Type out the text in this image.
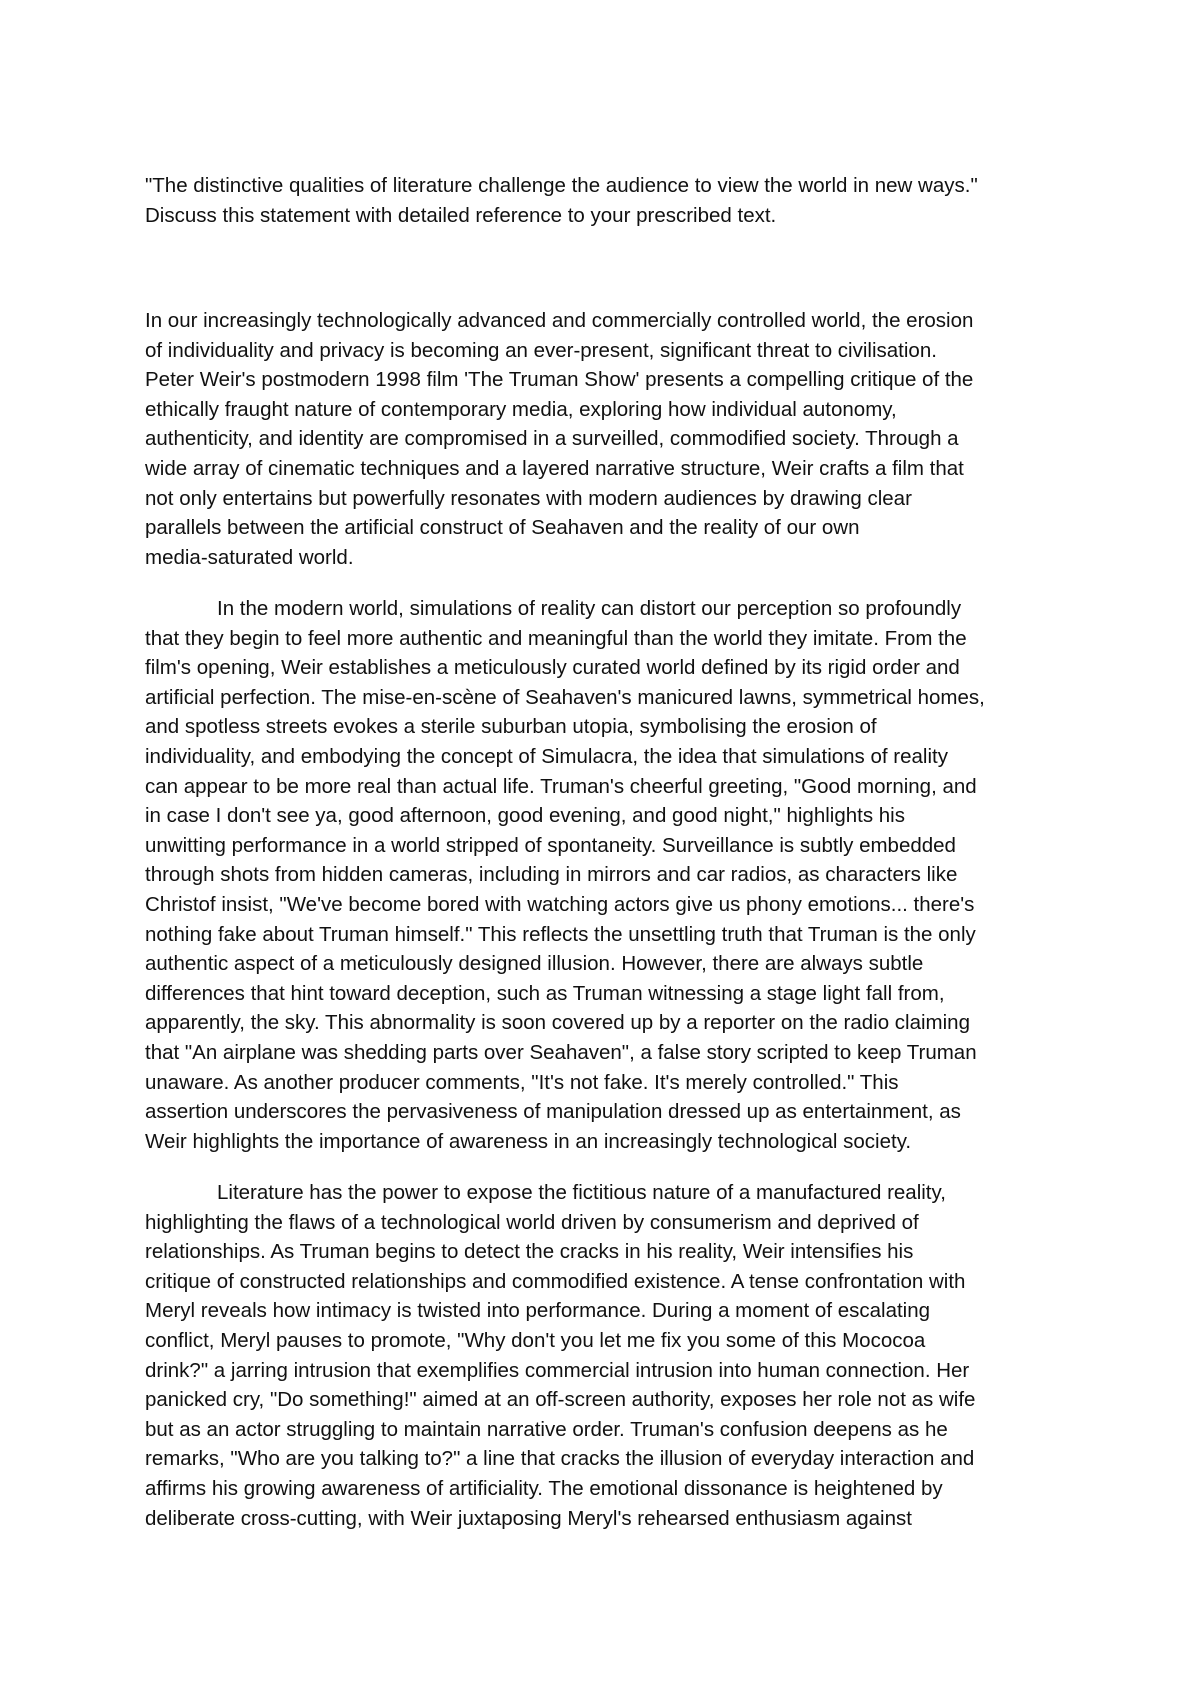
"The distinctive qualities of literature challenge the audience to view the world in new ways."
Discuss this statement with detailed reference to your prescribed text.
In our increasingly technologically advanced and commercially controlled world, the erosion
of individuality and privacy is becoming an ever-present, significant threat to civilisation.
Peter Weir's postmodern 1998 film 'The Truman Show' presents a compelling critique of the
ethically fraught nature of contemporary media, exploring how individual autonomy,
authenticity, and identity are compromised in a surveilled, commodified society. Through a
wide array of cinematic techniques and a layered narrative structure, Weir crafts a film that
not only entertains but powerfully resonates with modern audiences by drawing clear
parallels between the artificial construct of Seahaven and the reality of our own
media-saturated world.
In the modern world, simulations of reality can distort our perception so profoundly
that they begin to feel more authentic and meaningful than the world they imitate. From the
film's opening, Weir establishes a meticulously curated world defined by its rigid order and
artificial perfection. The mise-en-scène of Seahaven's manicured lawns, symmetrical homes,
and spotless streets evokes a sterile suburban utopia, symbolising the erosion of
individuality, and embodying the concept of Simulacra, the idea that simulations of reality
can appear to be more real than actual life. Truman's cheerful greeting, "Good morning, and
in case I don't see ya, good afternoon, good evening, and good night," highlights his
unwitting performance in a world stripped of spontaneity. Surveillance is subtly embedded
through shots from hidden cameras, including in mirrors and car radios, as characters like
Christof insist, "We've become bored with watching actors give us phony emotions... there's
nothing fake about Truman himself." This reflects the unsettling truth that Truman is the only
authentic aspect of a meticulously designed illusion. However, there are always subtle
differences that hint toward deception, such as Truman witnessing a stage light fall from,
apparently, the sky. This abnormality is soon covered up by a reporter on the radio claiming
that "An airplane was shedding parts over Seahaven", a false story scripted to keep Truman
unaware. As another producer comments, "It's not fake. It's merely controlled." This
assertion underscores the pervasiveness of manipulation dressed up as entertainment, as
Weir highlights the importance of awareness in an increasingly technological society.
Literature has the power to expose the fictitious nature of a manufactured reality,
highlighting the flaws of a technological world driven by consumerism and deprived of
relationships. As Truman begins to detect the cracks in his reality, Weir intensifies his
critique of constructed relationships and commodified existence. A tense confrontation with
Meryl reveals how intimacy is twisted into performance. During a moment of escalating
conflict, Meryl pauses to promote, "Why don't you let me fix you some of this Mococoa
drink?" a jarring intrusion that exemplifies commercial intrusion into human connection. Her
panicked cry, "Do something!" aimed at an off-screen authority, exposes her role not as wife
but as an actor struggling to maintain narrative order. Truman's confusion deepens as he
remarks, "Who are you talking to?" a line that cracks the illusion of everyday interaction and
affirms his growing awareness of artificiality. The emotional dissonance is heightened by
deliberate cross-cutting, with Weir juxtaposing Meryl's rehearsed enthusiasm against
